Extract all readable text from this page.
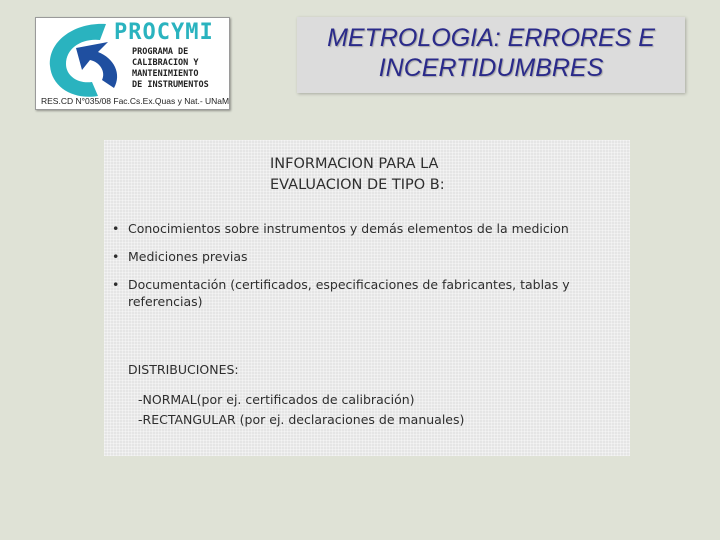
PROCYMI
PROGRAMA DE
CALIBRACION Y
MANTENIMIENTO
DE INSTRUMENTOS
RES.CD N°035/08 Fac.Cs.Ex.Quas y Nat.- UNaM
METROLOGIA: ERRORES E
INCERTIDUMBRES
INFORMACION PARA LA
EVALUACION DE TIPO B:
• Conocimientos sobre instrumentos y demás elementos de la medicion
• Mediciones previas
• Documentación (certificados, especificaciones de fabricantes, tablas y referencias)
DISTRIBUCIONES:
-NORMAL(por ej. certificados de calibración)
-RECTANGULAR (por ej. declaraciones de manuales)
